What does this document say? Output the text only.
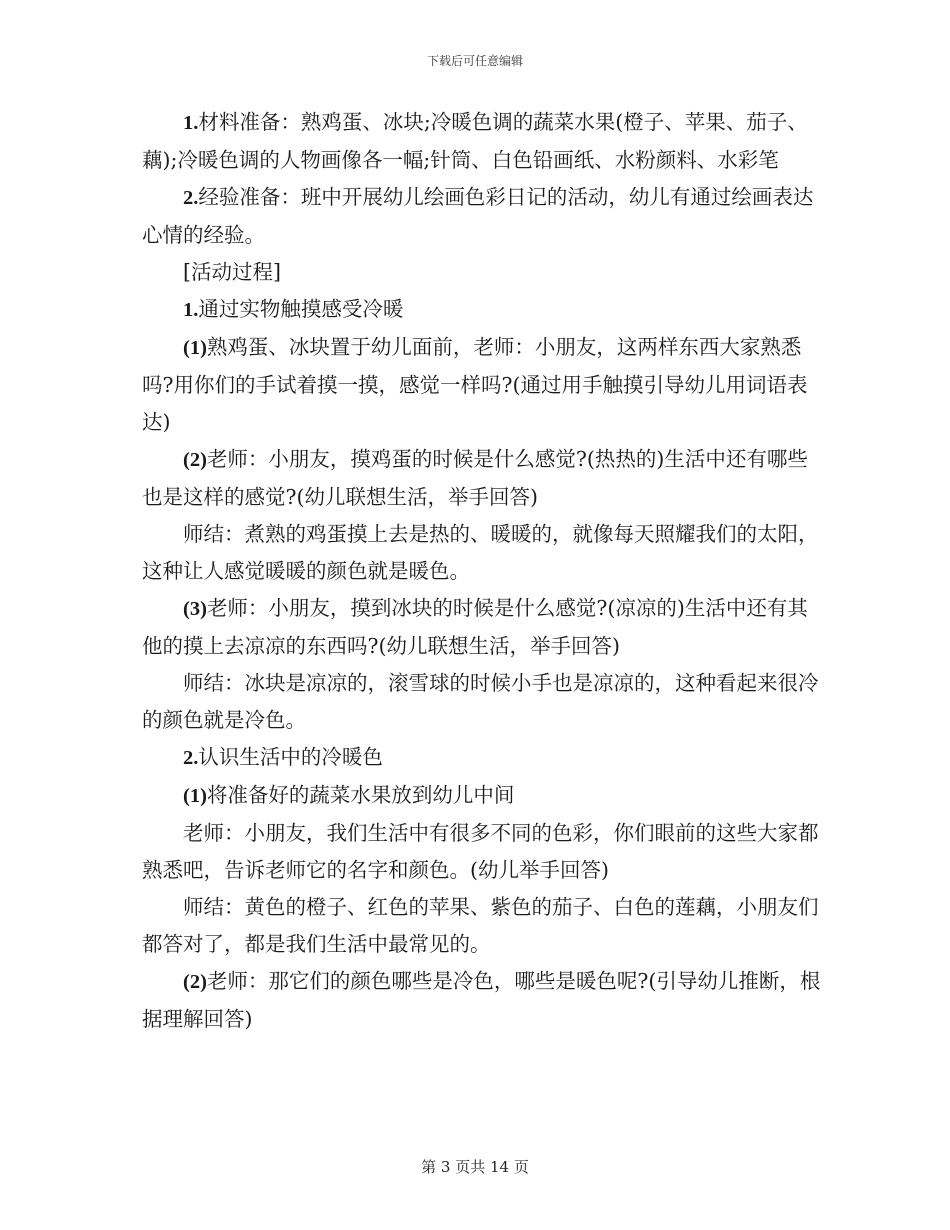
下载后可任意编辑

1.材料准备：熟鸡蛋、冰块;冷暖色调的蔬菜水果(橙子、苹果、茄子、藕);冷暖色调的人物画像各一幅;针筒、白色铅画纸、水粉颜料、水彩笔

2.经验准备：班中开展幼儿绘画色彩日记的活动，幼儿有通过绘画表达心情的经验。

[活动过程]

1.通过实物触摸感受冷暖

(1)熟鸡蛋、冰块置于幼儿面前，老师：小朋友，这两样东西大家熟悉吗?用你们的手试着摸一摸，感觉一样吗?(通过用手触摸引导幼儿用词语表达)

(2)老师：小朋友，摸鸡蛋的时候是什么感觉?(热热的)生活中还有哪些也是这样的感觉?(幼儿联想生活，举手回答)

师结：煮熟的鸡蛋摸上去是热的、暖暖的，就像每天照耀我们的太阳，这种让人感觉暖暖的颜色就是暖色。

(3)老师：小朋友，摸到冰块的时候是什么感觉?(凉凉的)生活中还有其他的摸上去凉凉的东西吗?(幼儿联想生活，举手回答)

师结：冰块是凉凉的，滚雪球的时候小手也是凉凉的，这种看起来很冷的颜色就是冷色。

2.认识生活中的冷暖色

(1)将准备好的蔬菜水果放到幼儿中间

老师：小朋友，我们生活中有很多不同的色彩，你们眼前的这些大家都熟悉吧，告诉老师它的名字和颜色。(幼儿举手回答)

师结：黄色的橙子、红色的苹果、紫色的茄子、白色的莲藕，小朋友们都答对了，都是我们生活中最常见的。

(2)老师：那它们的颜色哪些是冷色，哪些是暖色呢?(引导幼儿推断，根据理解回答)

第 3 页共 14 页
